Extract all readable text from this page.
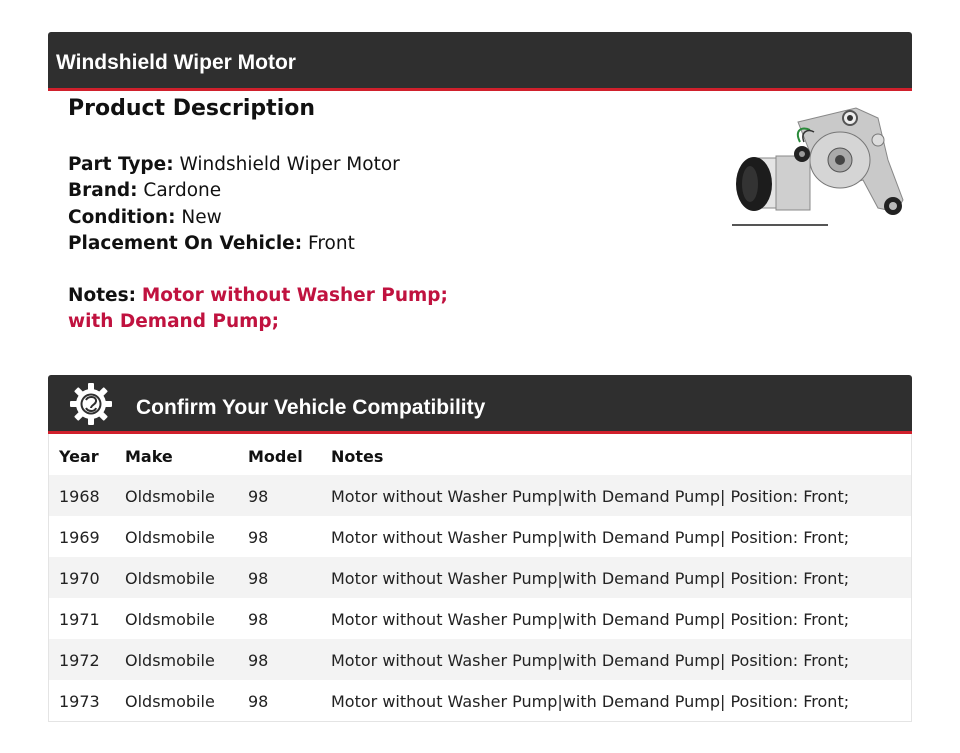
Windshield Wiper Motor
Product Description
Part Type: Windshield Wiper Motor
Brand: Cardone
Condition: New
Placement On Vehicle: Front
Notes: Motor without Washer Pump;
with Demand Pump;
Confirm Your Vehicle Compatibility
Year Make	Model Notes
1968 Oldsmobile 98	Motor without Washer Pump|with Demand Pump| Position: Front;
1969 Oldsmobile 98	Motor without Washer Pump|with Demand Pump| Position: Front;
1970 Oldsmobile 98	Motor without Washer Pump|with Demand Pump| Position: Front;
1971 Oldsmobile 98	Motor without Washer Pump|with Demand Pump| Position: Front;
1972 Oldsmobile 98	Motor without Washer Pump|with Demand Pump| Position: Front;
1973 Oldsmobile 98	Motor without Washer Pump|with Demand Pump| Position: Front;
